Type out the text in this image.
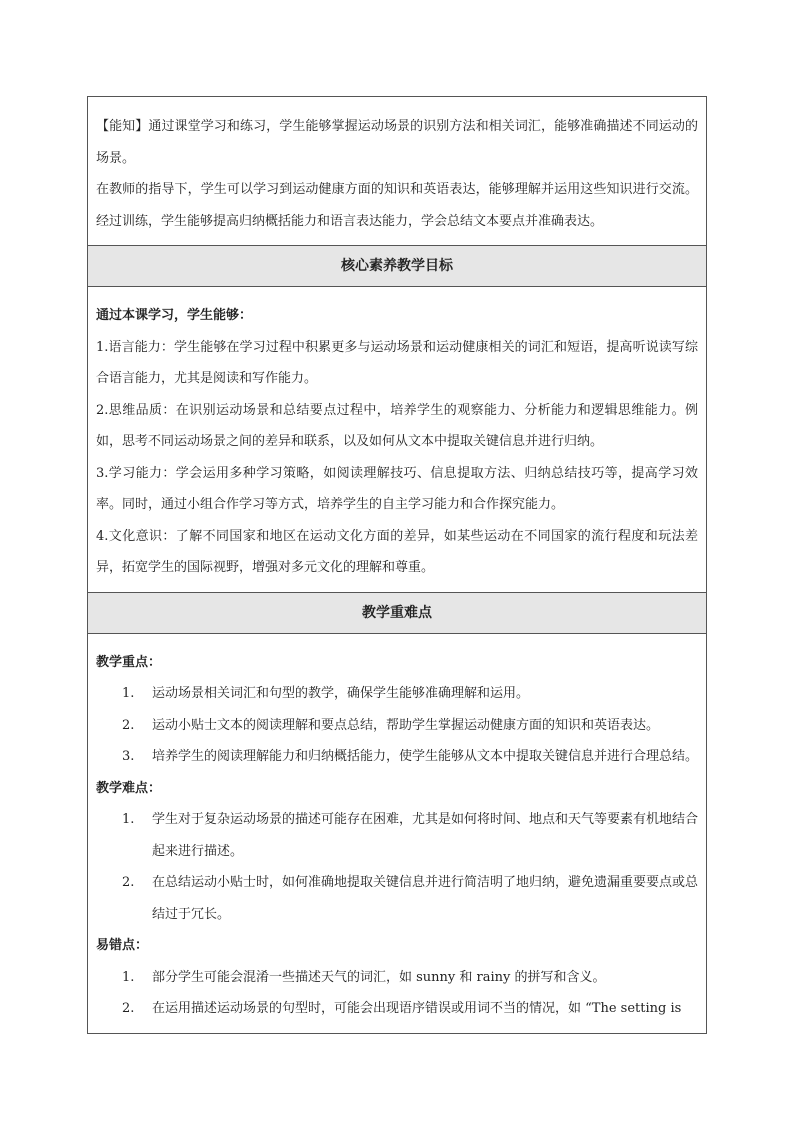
【能知】通过课堂学习和练习，学生能够掌握运动场景的识别方法和相关词汇，能够准确描述不同运动的场景。

在教师的指导下，学生可以学习到运动健康方面的知识和英语表达，能够理解并运用这些知识进行交流。经过训练，学生能够提高归纳概括能力和语言表达能力，学会总结文本要点并准确表达。

核心素养教学目标

通过本课学习，学生能够：

1.语言能力：学生能够在学习过程中积累更多与运动场景和运动健康相关的词汇和短语，提高听说读写综合语言能力，尤其是阅读和写作能力。

2.思维品质：在识别运动场景和总结要点过程中，培养学生的观察能力、分析能力和逻辑思维能力。例如，思考不同运动场景之间的差异和联系，以及如何从文本中提取关键信息并进行归纳。

3.学习能力：学会运用多种学习策略，如阅读理解技巧、信息提取方法、归纳总结技巧等，提高学习效率。同时，通过小组合作学习等方式，培养学生的自主学习能力和合作探究能力。

4.文化意识：了解不同国家和地区在运动文化方面的差异，如某些运动在不同国家的流行程度和玩法差异，拓宽学生的国际视野，增强对多元文化的理解和尊重。

教学重难点

教学重点：

1.	运动场景相关词汇和句型的教学，确保学生能够准确理解和运用。
2.	运动小贴士文本的阅读理解和要点总结，帮助学生掌握运动健康方面的知识和英语表达。
3.	培养学生的阅读理解能力和归纳概括能力，使学生能够从文本中提取关键信息并进行合理总结。

教学难点：

1.	学生对于复杂运动场景的描述可能存在困难，尤其是如何将时间、地点和天气等要素有机地结合起来进行描述。
2.	在总结运动小贴士时，如何准确地提取关键信息并进行简洁明了地归纳，避免遗漏重要要点或总结过于冗长。

易错点：

1.	部分学生可能会混淆一些描述天气的词汇，如 sunny 和 rainy 的拼写和含义。
2.	在运用描述运动场景的句型时，可能会出现语序错误或用词不当的情况，如 “The setting is
